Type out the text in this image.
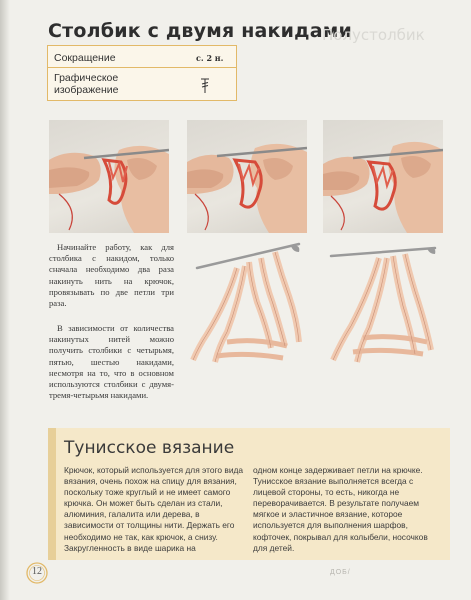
Столбик с двумя накидами
Полустолбик
Сокращение	с. 2 н.
Графическое
изображение

Начинайте работу, как для столбика с накидом, только сначала необходимо два раза накинуть нить на крючок, провязывать по две петли три раза.

В зависимости от количества накинутых нитей можно получить столбики с четырьмя, пятью, шестью накидами, несмотря на то, что в основном используются столбики с двумя-тремя-четырьмя накидами.

Тунисское вязание

Крючок, который используется для этого вида вязания, очень похож на спицу для вязания, поскольку тоже круглый и не имеет самого крючка. Он может быть сделан из стали, алюминия, галалита или дерева, в зависимости от толщины нити. Держать его необходимо не так, как крючок, а снизу. Закругленность в виде шарика на

одном конце задерживает петли на крючке. Тунисское вязание выполняется всегда с лицевой стороны, то есть, никогда не переворачивается. В результате получаем мягкое и эластичное вязание, которое используется для выполнения шарфов, кофточек, покрывал для колыбели, носочков для детей.

12	ДОБ/
